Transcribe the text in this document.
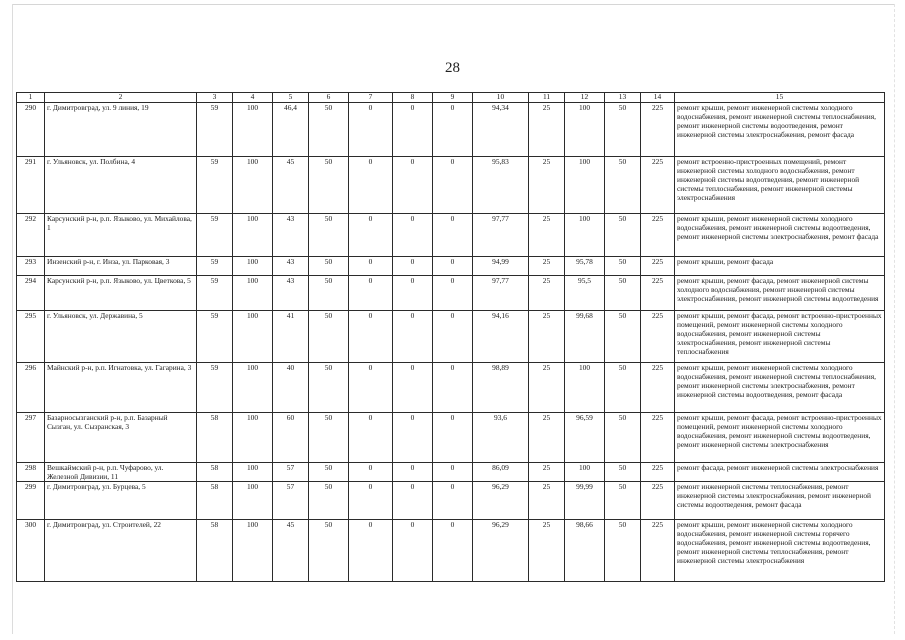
28
1	2	3	4	5	6	7	8	9	10	11	12	13	14	15
290	г. Димитровград, ул. 9 линия, 19	59	100	46,4	50	0	0	0	94,34	25	100	50	225	ремонт крыши, ремонт инженерной системы холодного водоснабжения, ремонт инженерной системы теплоснабжения, ремонт инженерной системы водоотведения, ремонт инженерной системы электроснабжения, ремонт фасада
291	г. Ульяновск, ул. Полбина, 4	59	100	45	50	0	0	0	95,83	25	100	50	225	ремонт встроенно-пристроенных помещений, ремонт инженерной системы холодного водоснабжения, ремонт инженерной системы водоотведения, ремонт инженерной системы теплоснабжения, ремонт инженерной системы электроснабжения
292	Карсунский р-н, р.п. Языково, ул. Михайлова, 1	59	100	43	50	0	0	0	97,77	25	100	50	225	ремонт крыши, ремонт инженерной системы холодного водоснабжения, ремонт инженерной системы водоотведения, ремонт инженерной системы электроснабжения, ремонт фасада
293	Инзенский р-н, г. Инза, ул. Парковая, 3	59	100	43	50	0	0	0	94,99	25	95,78	50	225	ремонт крыши, ремонт фасада
294	Карсунский р-н, р.п. Языково, ул. Цветкова, 5	59	100	43	50	0	0	0	97,77	25	95,5	50	225	ремонт крыши, ремонт фасада, ремонт инженерной системы холодного водоснабжения, ремонт инженерной системы электроснабжения, ремонт инженерной системы водоотведения
295	г. Ульяновск, ул. Державина, 5	59	100	41	50	0	0	0	94,16	25	99,68	50	225	ремонт крыши, ремонт фасада, ремонт встроенно-пристроенных помещений, ремонт инженерной системы холодного водоснабжения, ремонт инженерной системы электроснабжения, ремонт инженерной системы теплоснабжения
296	Майнский р-н, р.п. Игнатовка, ул. Гагарина, 3	59	100	40	50	0	0	0	98,89	25	100	50	225	ремонт крыши, ремонт инженерной системы холодного водоснабжения, ремонт инженерной системы теплоснабжения, ремонт инженерной системы электроснабжения, ремонт инженерной системы водоотведения, ремонт фасада
297	Базарносызганский р-н, р.п. Базарный Сызган, ул. Сызранская, 3	58	100	60	50	0	0	0	93,6	25	96,59	50	225	ремонт крыши, ремонт фасада, ремонт встроенно-пристроенных помещений, ремонт инженерной системы холодного водоснабжения, ремонт инженерной системы водоотведения, ремонт инженерной системы электроснабжения
298	Вешкаймский р-н, р.п. Чуфарово, ул. Железной Дивизии, 11	58	100	57	50	0	0	0	86,09	25	100	50	225	ремонт фасада, ремонт инженерной системы электроснабжения
299	г. Димитровград, ул. Бурцева, 5	58	100	57	50	0	0	0	96,29	25	99,99	50	225	ремонт инженерной системы теплоснабжения, ремонт инженерной системы электроснабжения, ремонт инженерной системы водоотведения, ремонт фасада
300	г. Димитровград, ул. Строителей, 22	58	100	45	50	0	0	0	96,29	25	98,66	50	225	ремонт крыши, ремонт инженерной системы холодного водоснабжения, ремонт инженерной системы горячего водоснабжения, ремонт инженерной системы водоотведения, ремонт инженерной системы теплоснабжения, ремонт инженерной системы электроснабжения
